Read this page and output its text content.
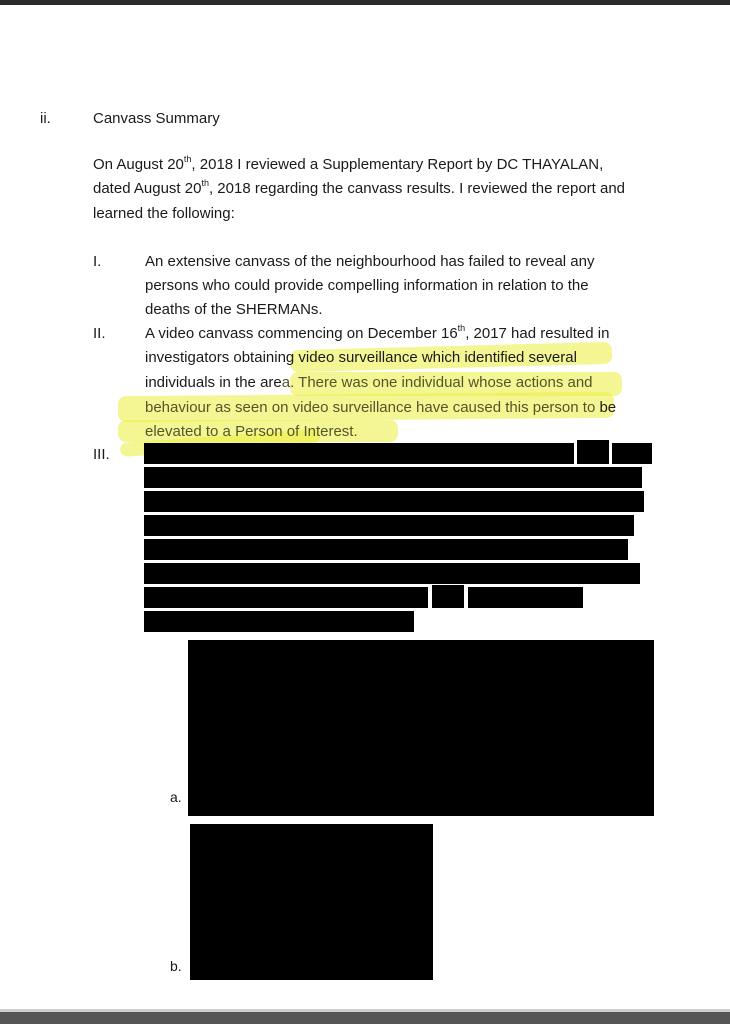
ii.	Canvass Summary
On August 20th, 2018 I reviewed a Supplementary Report by DC THAYALAN,
dated August 20th, 2018 regarding the canvass results. I reviewed the report and
learned the following:
I.	An extensive canvass of the neighbourhood has failed to reveal any
persons who could provide compelling information in relation to the
deaths of the SHERMANs.
II.	A video canvass commencing on December 16th, 2017 had resulted in
investigators obtaining video surveillance which identified several
individuals in the area. There was one individual whose actions and
behaviour as seen on video surveillance have caused this person to be
elevated to a Person of Interest.
III.
a.
b.
